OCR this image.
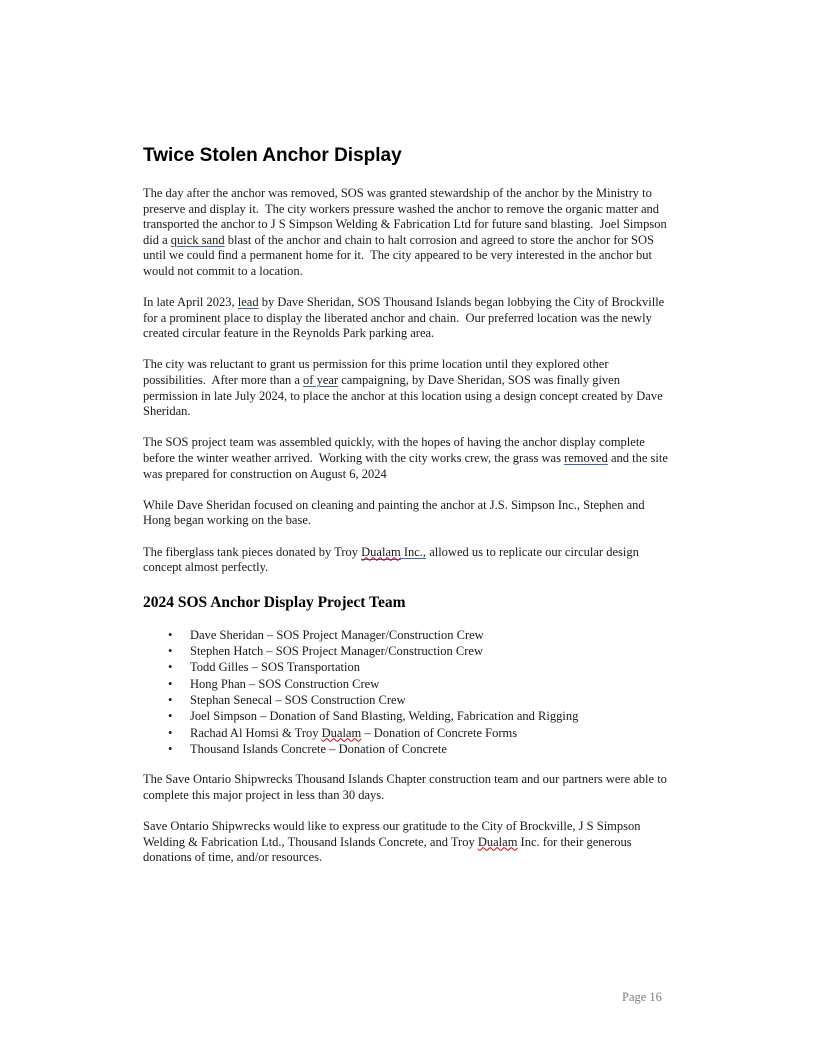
Twice Stolen Anchor Display

The day after the anchor was removed, SOS was granted stewardship of the anchor by the Ministry to preserve and display it.  The city workers pressure washed the anchor to remove the organic matter and transported the anchor to J S Simpson Welding & Fabrication Ltd for future sand blasting.  Joel Simpson did a quick sand blast of the anchor and chain to halt corrosion and agreed to store the anchor for SOS until we could find a permanent home for it.  The city appeared to be very interested in the anchor but would not commit to a location.

In late April 2023, lead by Dave Sheridan, SOS Thousand Islands began lobbying the City of Brockville for a prominent place to display the liberated anchor and chain.  Our preferred location was the newly created circular feature in the Reynolds Park parking area.

The city was reluctant to grant us permission for this prime location until they explored other possibilities.  After more than a of year campaigning, by Dave Sheridan, SOS was finally given permission in late July 2024, to place the anchor at this location using a design concept created by Dave Sheridan.

The SOS project team was assembled quickly, with the hopes of having the anchor display complete before the winter weather arrived.  Working with the city works crew, the grass was removed and the site was prepared for construction on August 6, 2024

While Dave Sheridan focused on cleaning and painting the anchor at J.S. Simpson Inc., Stephen and Hong began working on the base.

The fiberglass tank pieces donated by Troy Dualam Inc., allowed us to replicate our circular design concept almost perfectly.

2024 SOS Anchor Display Project Team
• Dave Sheridan – SOS Project Manager/Construction Crew
• Stephen Hatch – SOS Project Manager/Construction Crew
• Todd Gilles – SOS Transportation
• Hong Phan – SOS Construction Crew
• Stephan Senecal – SOS Construction Crew
• Joel Simpson – Donation of Sand Blasting, Welding, Fabrication and Rigging
• Rachad Al Homsi & Troy Dualam – Donation of Concrete Forms
• Thousand Islands Concrete – Donation of Concrete

The Save Ontario Shipwrecks Thousand Islands Chapter construction team and our partners were able to complete this major project in less than 30 days.

Save Ontario Shipwrecks would like to express our gratitude to the City of Brockville, J S Simpson Welding & Fabrication Ltd., Thousand Islands Concrete, and Troy Dualam Inc. for their generous donations of time, and/or resources.

Page 16
